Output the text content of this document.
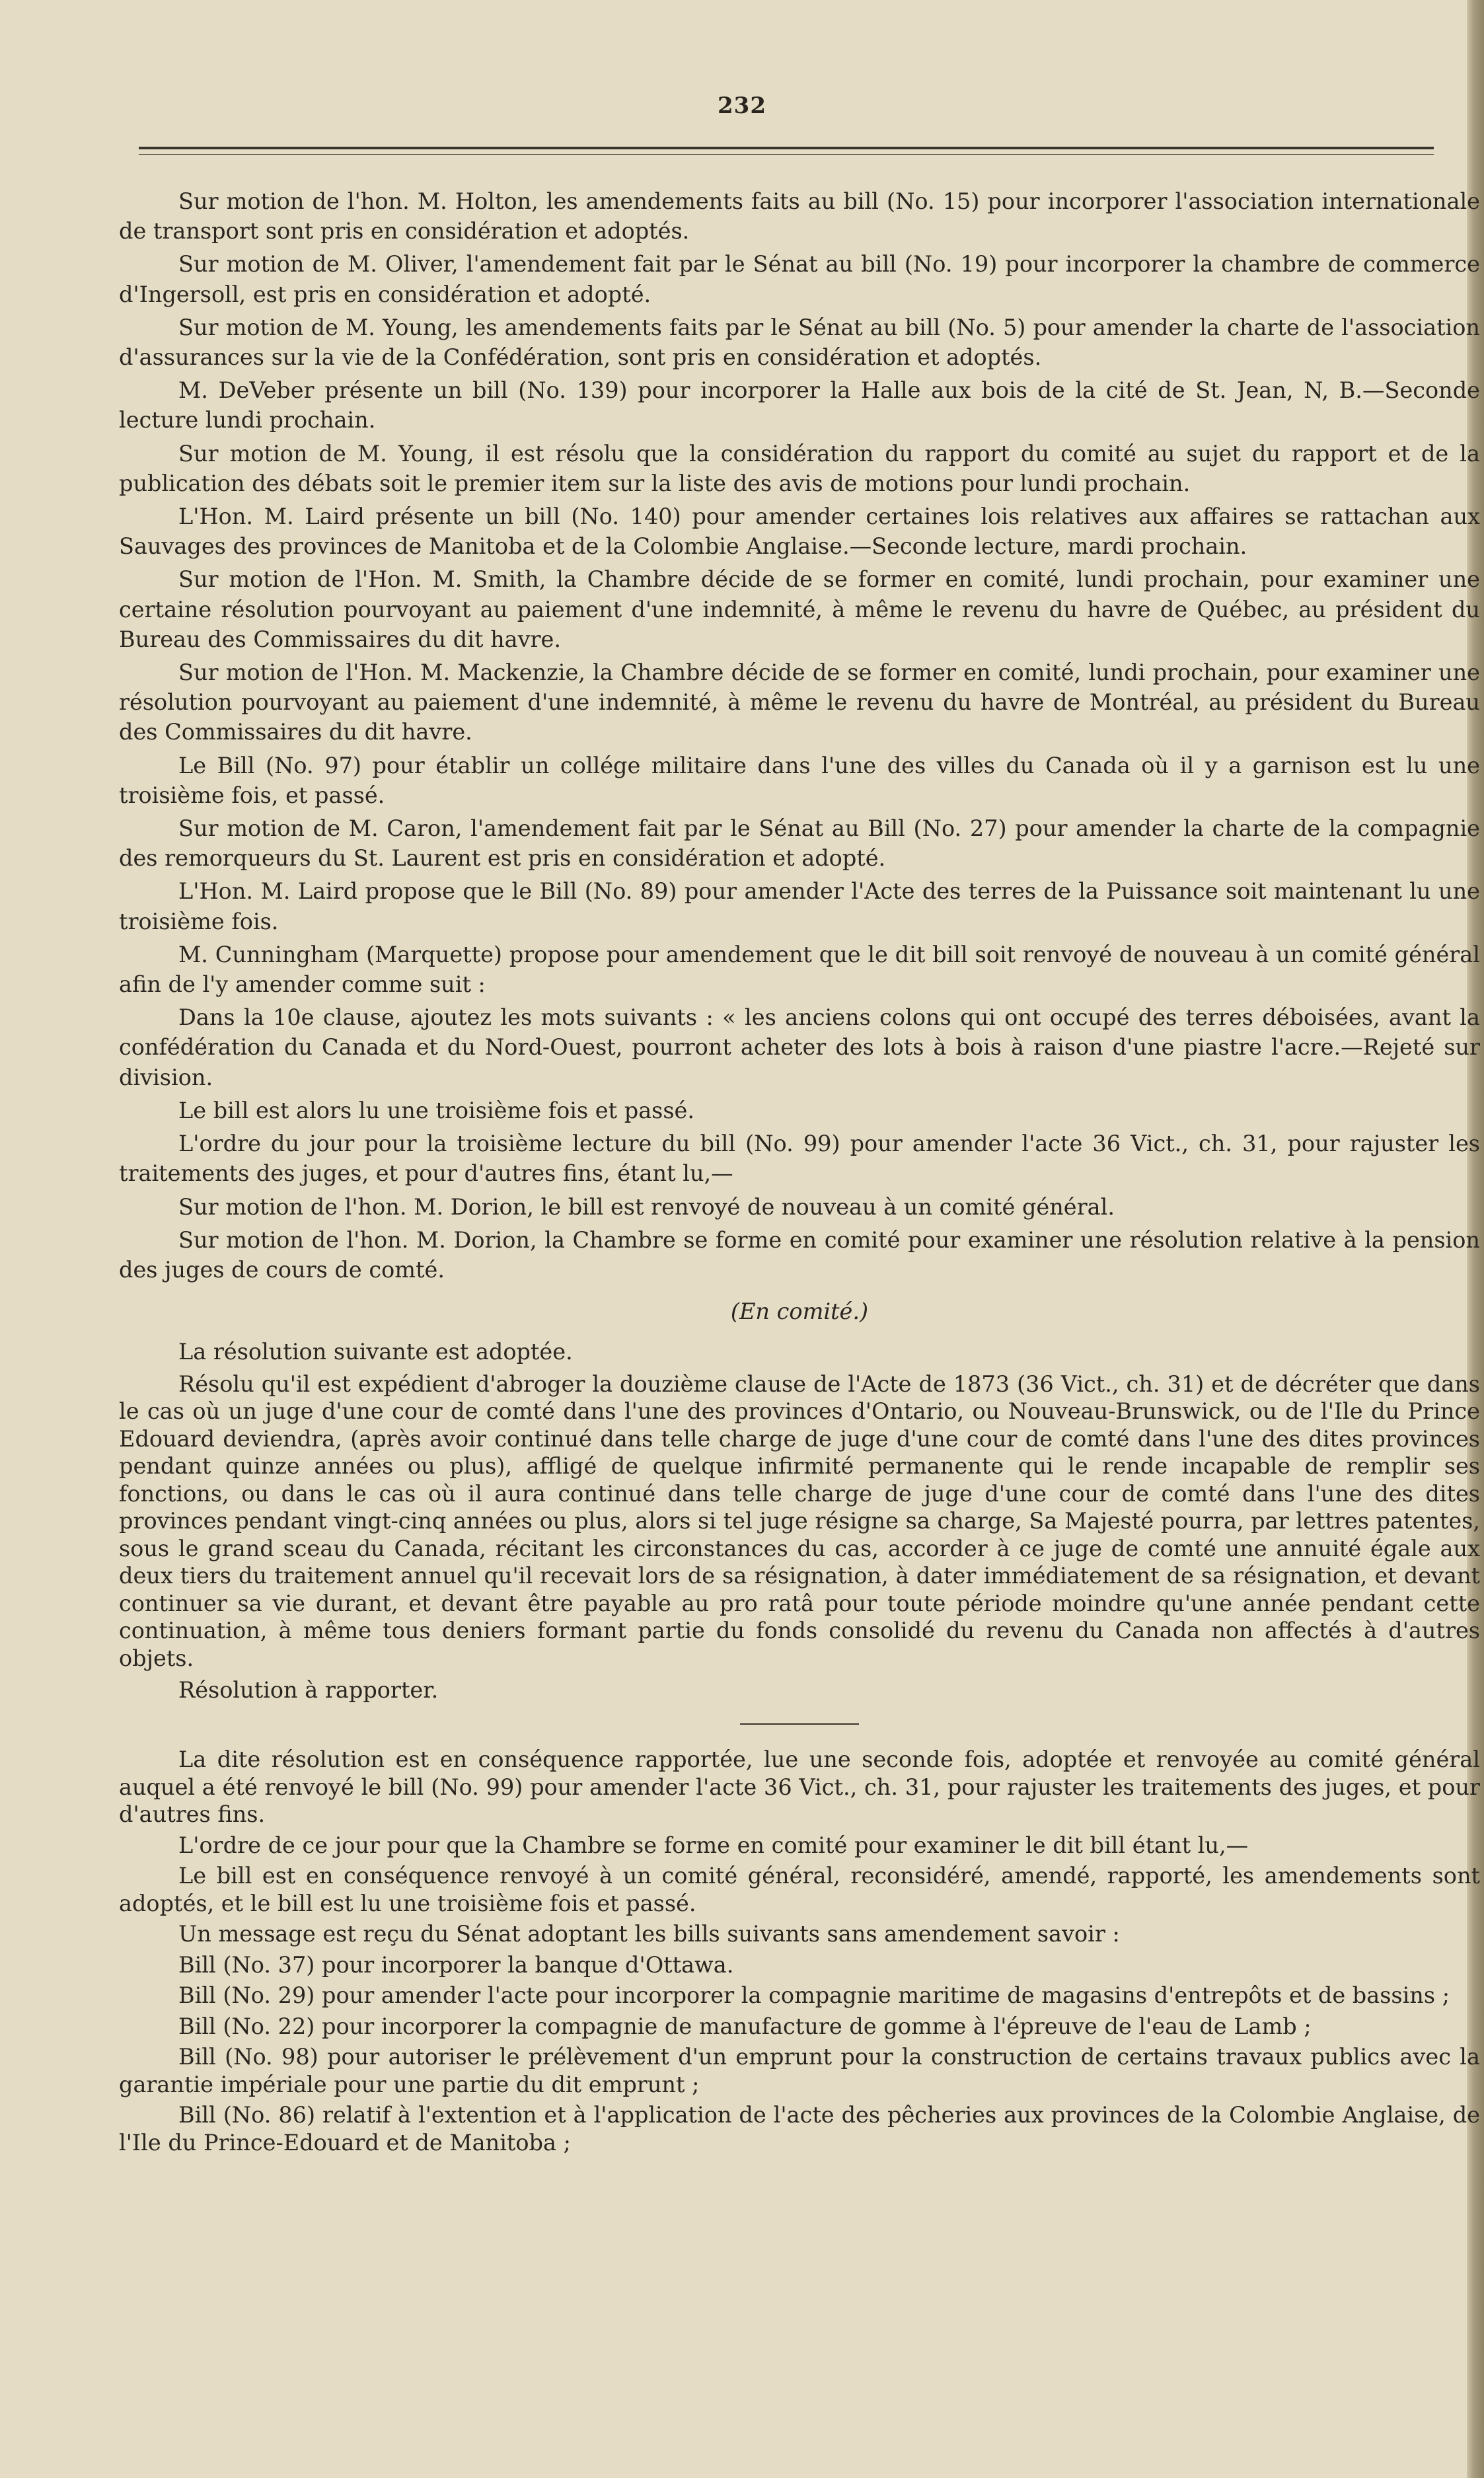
232

Sur motion de l'hon. M. Holton, les amendements faits au bill (No. 15) pour incorporer l'association internationale de transport sont pris en considération et adoptés.

Sur motion de M. Oliver, l'amendement fait par le Sénat au bill (No. 19) pour incorporer la chambre de commerce d'Ingersoll, est pris en considération et adopté.

Sur motion de M. Young, les amendements faits par le Sénat au bill (No. 5) pour amender la charte de l'association d'assurances sur la vie de la Confédération, sont pris en considération et adoptés.

M. DeVeber présente un bill (No. 139) pour incorporer la Halle aux bois de la cité de St. Jean, N, B.—Seconde lecture lundi prochain.

Sur motion de M. Young, il est résolu que la considération du rapport du comité au sujet du rapport et de la publication des débats soit le premier item sur la liste des avis de motions pour lundi prochain.

L'Hon. M. Laird présente un bill (No. 140) pour amender certaines lois relatives aux affaires se rattachan aux Sauvages des provinces de Manitoba et de la Colombie Anglaise.—Seconde lecture, mardi prochain.

Sur motion de l'Hon. M. Smith, la Chambre décide de se former en comité, lundi prochain, pour examiner une certaine résolution pourvoyant au paiement d'une indemnité, à même le revenu du havre de Québec, au président du Bureau des Commissaires du dit havre.

Sur motion de l'Hon. M. Mackenzie, la Chambre décide de se former en comité, lundi prochain, pour examiner une résolution pourvoyant au paiement d'une indemnité, à même le revenu du havre de Montréal, au président du Bureau des Commissaires du dit havre.

Le Bill (No. 97) pour établir un collége militaire dans l'une des villes du Canada où il y a garnison est lu une troisième fois, et passé.

Sur motion de M. Caron, l'amendement fait par le Sénat au Bill (No. 27) pour amender la charte de la compagnie des remorqueurs du St. Laurent est pris en considération et adopté.

L'Hon. M. Laird propose que le Bill (No. 89) pour amender l'Acte des terres de la Puissance soit maintenant lu une troisième fois.

M. Cunningham (Marquette) propose pour amendement que le dit bill soit renvoyé de nouveau à un comité général afin de l'y amender comme suit :

Dans la 10e clause, ajoutez les mots suivants : « les anciens colons qui ont occupé des terres déboisées, avant la confédération du Canada et du Nord-Ouest, pourront acheter des lots à bois à raison d'une piastre l'acre.—Rejeté sur division.

Le bill est alors lu une troisième fois et passé.

L'ordre du jour pour la troisième lecture du bill (No. 99) pour amender l'acte 36 Vict., ch. 31, pour rajuster les traitements des juges, et pour d'autres fins, étant lu,—

Sur motion de l'hon. M. Dorion, le bill est renvoyé de nouveau à un comité général.

Sur motion de l'hon. M. Dorion, la Chambre se forme en comité pour examiner une résolution relative à la pension des juges de cours de comté.

(En comité.)

La résolution suivante est adoptée.

Résolu qu'il est expédient d'abroger la douzième clause de l'Acte de 1873 (36 Vict., ch. 31) et de décréter que dans le cas où un juge d'une cour de comté dans l'une des provinces d'Ontario, ou Nouveau-Brunswick, ou de l'Ile du Prince Edouard deviendra, (après avoir continué dans telle charge de juge d'une cour de comté dans l'une des dites provinces pendant quinze années ou plus), affligé de quelque infirmité permanente qui le rende incapable de remplir ses fonctions, ou dans le cas où il aura continué dans telle charge de juge d'une cour de comté dans l'une des dites provinces pendant vingt-cinq années ou plus, alors si tel juge résigne sa charge, Sa Majesté pourra, par lettres patentes, sous le grand sceau du Canada, récitant les circonstances du cas, accorder à ce juge de comté une annuité égale aux deux tiers du traitement annuel qu'il recevait lors de sa résignation, à dater immédiatement de sa résignation, et devant continuer sa vie durant, et devant être payable au pro ratâ pour toute période moindre qu'une année pendant cette continuation, à même tous deniers formant partie du fonds consolidé du revenu du Canada non affectés à d'autres objets.

Résolution à rapporter.

La dite résolution est en conséquence rapportée, lue une seconde fois, adoptée et renvoyée au comité général auquel a été renvoyé le bill (No. 99) pour amender l'acte 36 Vict., ch. 31, pour rajuster les traitements des juges, et pour d'autres fins.

L'ordre de ce jour pour que la Chambre se forme en comité pour examiner le dit bill étant lu,—

Le bill est en conséquence renvoyé à un comité général, reconsidéré, amendé, rapporté, les amendements sont adoptés, et le bill est lu une troisième fois et passé.

Un message est reçu du Sénat adoptant les bills suivants sans amendement savoir :

Bill (No. 37) pour incorporer la banque d'Ottawa.

Bill (No. 29) pour amender l'acte pour incorporer la compagnie maritime de magasins d'entrepôts et de bassins ;

Bill (No. 22) pour incorporer la compagnie de manufacture de gomme à l'épreuve de l'eau de Lamb ;

Bill (No. 98) pour autoriser le prélèvement d'un emprunt pour la construction de certains travaux publics avec la garantie impériale pour une partie du dit emprunt ;

Bill (No. 86) relatif à l'extention et à l'application de l'acte des pêcheries aux provinces de la Colombie Anglaise, de l'Ile du Prince-Edouard et de Manitoba ;
